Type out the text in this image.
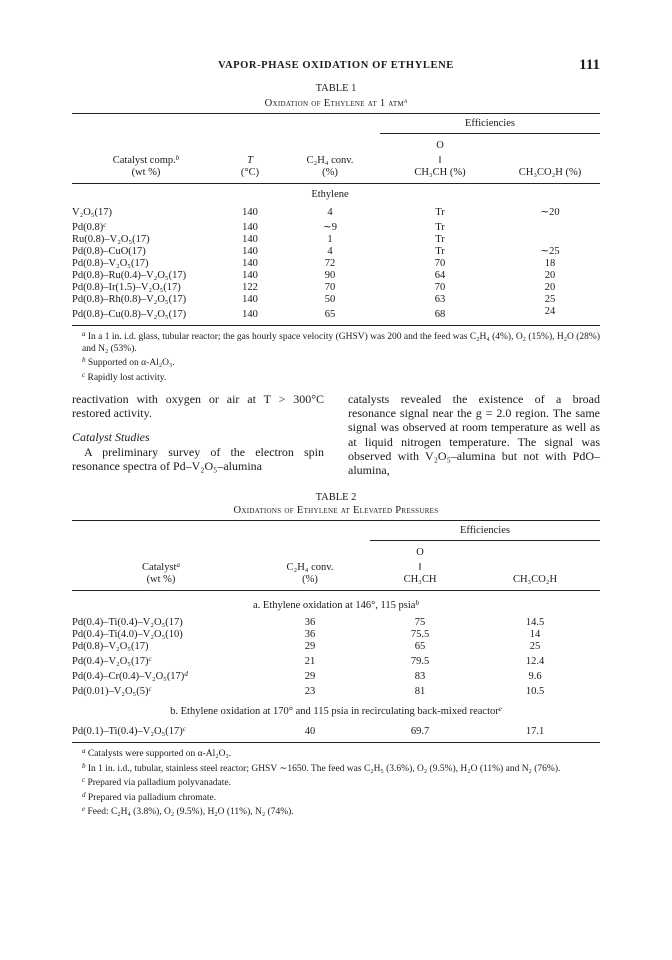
VAPOR-PHASE OXIDATION OF ETHYLENE	111
TABLE 1
Oxidation of Ethylene at 1 atm$^a$
			Efficiencies	
			O	
Catalyst comp.$^b$	T	C₂H₄ conv.	‖	
(wt %)	(°C)	(%)	CH₃CH (%)	CH₃CO₂H (%)
		Ethylene		
V₂O₅(17)	140	4	Tr	∼20
$Pd(0.8)^c$	140	∼9	Tr	
Ru(0.8)–V₂O₅(17)	140	1	Tr	
Pd(0.8)–CuO(17)	140	4	Tr	∼25
Pd(0.8)–V₂O₅(17)	140	72	70	18
Pd(0.8)–Ru(0.4)–V₂O₅(17)	140	90	64	20
Pd(0.8)–Ir(1.5)–V₂O₅(17)	122	70	70	20
Pd(0.8)–Rh(0.8)–V₂O₅(17)	140	50	63	25
Pd(0.8)–Cu(0.8)–V₂O₅(17)	140	65	68	24

$^a$ In a 1 in. i.d. glass, tubular reactor; the gas hourly space velocity (GHSV) was 200 and the feed was C₂H₄ (4%), O₂ (15%), H₂O (28%) and N₂ (53%).

$^b$ Supported on α-Al₂O₃.

$^c$ Rapidly lost activity.

reactivation with oxygen or air at T > 300°C restored activity.

Catalyst Studies

A preliminary survey of the electron spin resonance spectra of Pd–V₂O₅–alumina

catalysts revealed the existence of a broad resonance signal near the g = 2.0 region. The same signal was observed at room temperature as well as at liquid nitrogen temperature. The signal was observed with V₂O₅–alumina but not with PdO–alumina,

TABLE 2
Oxidations of Ethylene at Elevated Pressures
		Efficiencies	
		O	
Catalyst$^a$	C₂H₄ conv.	‖	
(wt %)	(%)	CH₃CH	CH₃CO₂H
a. Ethylene oxidation at 146°, 115 psia$^b$
Pd(0.4)–Ti(0.4)–V₂O₅(17)	36	75	14.5
Pd(0.4)–Ti(4.0)–V₂O₅(10)	36	75.5	14
Pd(0.8)–V₂O₅(17)	29	65	25
$Pd(0.4)-V_2O_5(17)^c$	21	79.5	12.4
$Pd(0.4)-Cr(0.4)-V_2O_5(17)^d$	29	83	9.6
$Pd(0.01)-V_2O_5(5)^c$	23	81	10.5
b. Ethylene oxidation at 170° and 115 psia in recirculating back-mixed reactor$^e$
$Pd(0.1)-Ti(0.4)-V_2O_5(17)^c$	40	69.7	17.1

$^a$ Catalysts were supported on α-Al₂O₃.

$^b$ In 1 in. i.d., tubular, stainless steel reactor; GHSV ∼1650. The feed was C₂H₅ (3.6%), O₂ (9.5%), H₂O (11%) and N₂ (76%).

$^c$ Prepared via palladium polyvanadate.

$^d$ Prepared via palladium chromate.

$^e$ Feed: C₂H₄ (3.8%), O₂ (9.5%), H₂O (11%), N₂ (74%).
